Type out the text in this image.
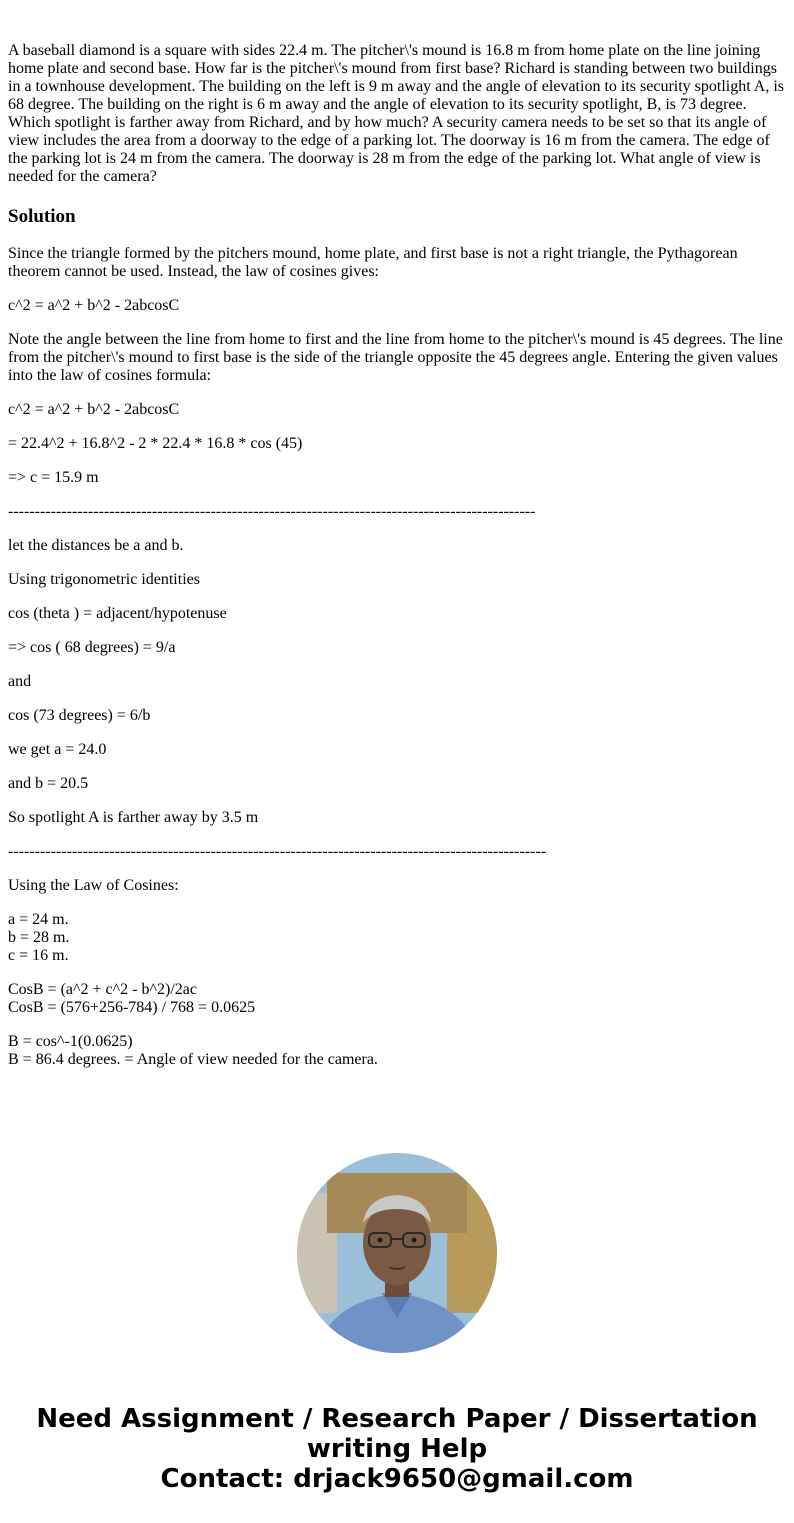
A baseball diamond is a square with sides 22.4 m. The pitcher\'s mound is 16.8 m from home plate on the line joining home plate and second base. How far is the pitcher\'s mound from first base? Richard is standing between two buildings in a townhouse development. The building on the left is 9 m away and the angle of elevation to its security spotlight A, is 68 degree. The building on the right is 6 m away and the angle of elevation to its security spotlight, B, is 73 degree. Which spotlight is farther away from Richard, and by how much? A security camera needs to be set so that its angle of view includes the area from a doorway to the edge of a parking lot. The doorway is 16 m from the camera. The edge of the parking lot is 24 m from the camera. The doorway is 28 m from the edge of the parking lot. What angle of view is needed for the camera?

Solution

Since the triangle formed by the pitchers mound, home plate, and first base is not a right triangle, the Pythagorean theorem cannot be used. Instead, the law of cosines gives:

c^2 = a^2 + b^2 - 2abcosC

Note the angle between the line from home to first and the line from home to the pitcher\'s mound is 45 degrees. The line from the pitcher\'s mound to first base is the side of the triangle opposite the 45 degrees angle. Entering the given values into the law of cosines formula:

c^2 = a^2 + b^2 - 2abcosC

= 22.4^2 + 16.8^2 - 2 * 22.4 * 16.8 * cos (45)

=> c = 15.9 m

---------------------------------------------------------------------------------------------------

let the distances be a and b.

Using trigonometric identities

cos (theta ) = adjacent/hypotenuse

=> cos ( 68 degrees) = 9/a

and

cos (73 degrees) = 6/b

we get a = 24.0

and b = 20.5

So spotlight A is farther away by 3.5 m

-----------------------------------------------------------------------------------------------------

Using the Law of Cosines:

a = 24 m.
b = 28 m.
c = 16 m.

CosB = (a^2 + c^2 - b^2)/2ac
CosB = (576+256-784) / 768 = 0.0625

B = cos^-1(0.0625)
B = 86.4 degrees. = Angle of view needed for the camera.

Need Assignment / Research Paper / Dissertation
writing Help
Contact: drjack9650@gmail.com
